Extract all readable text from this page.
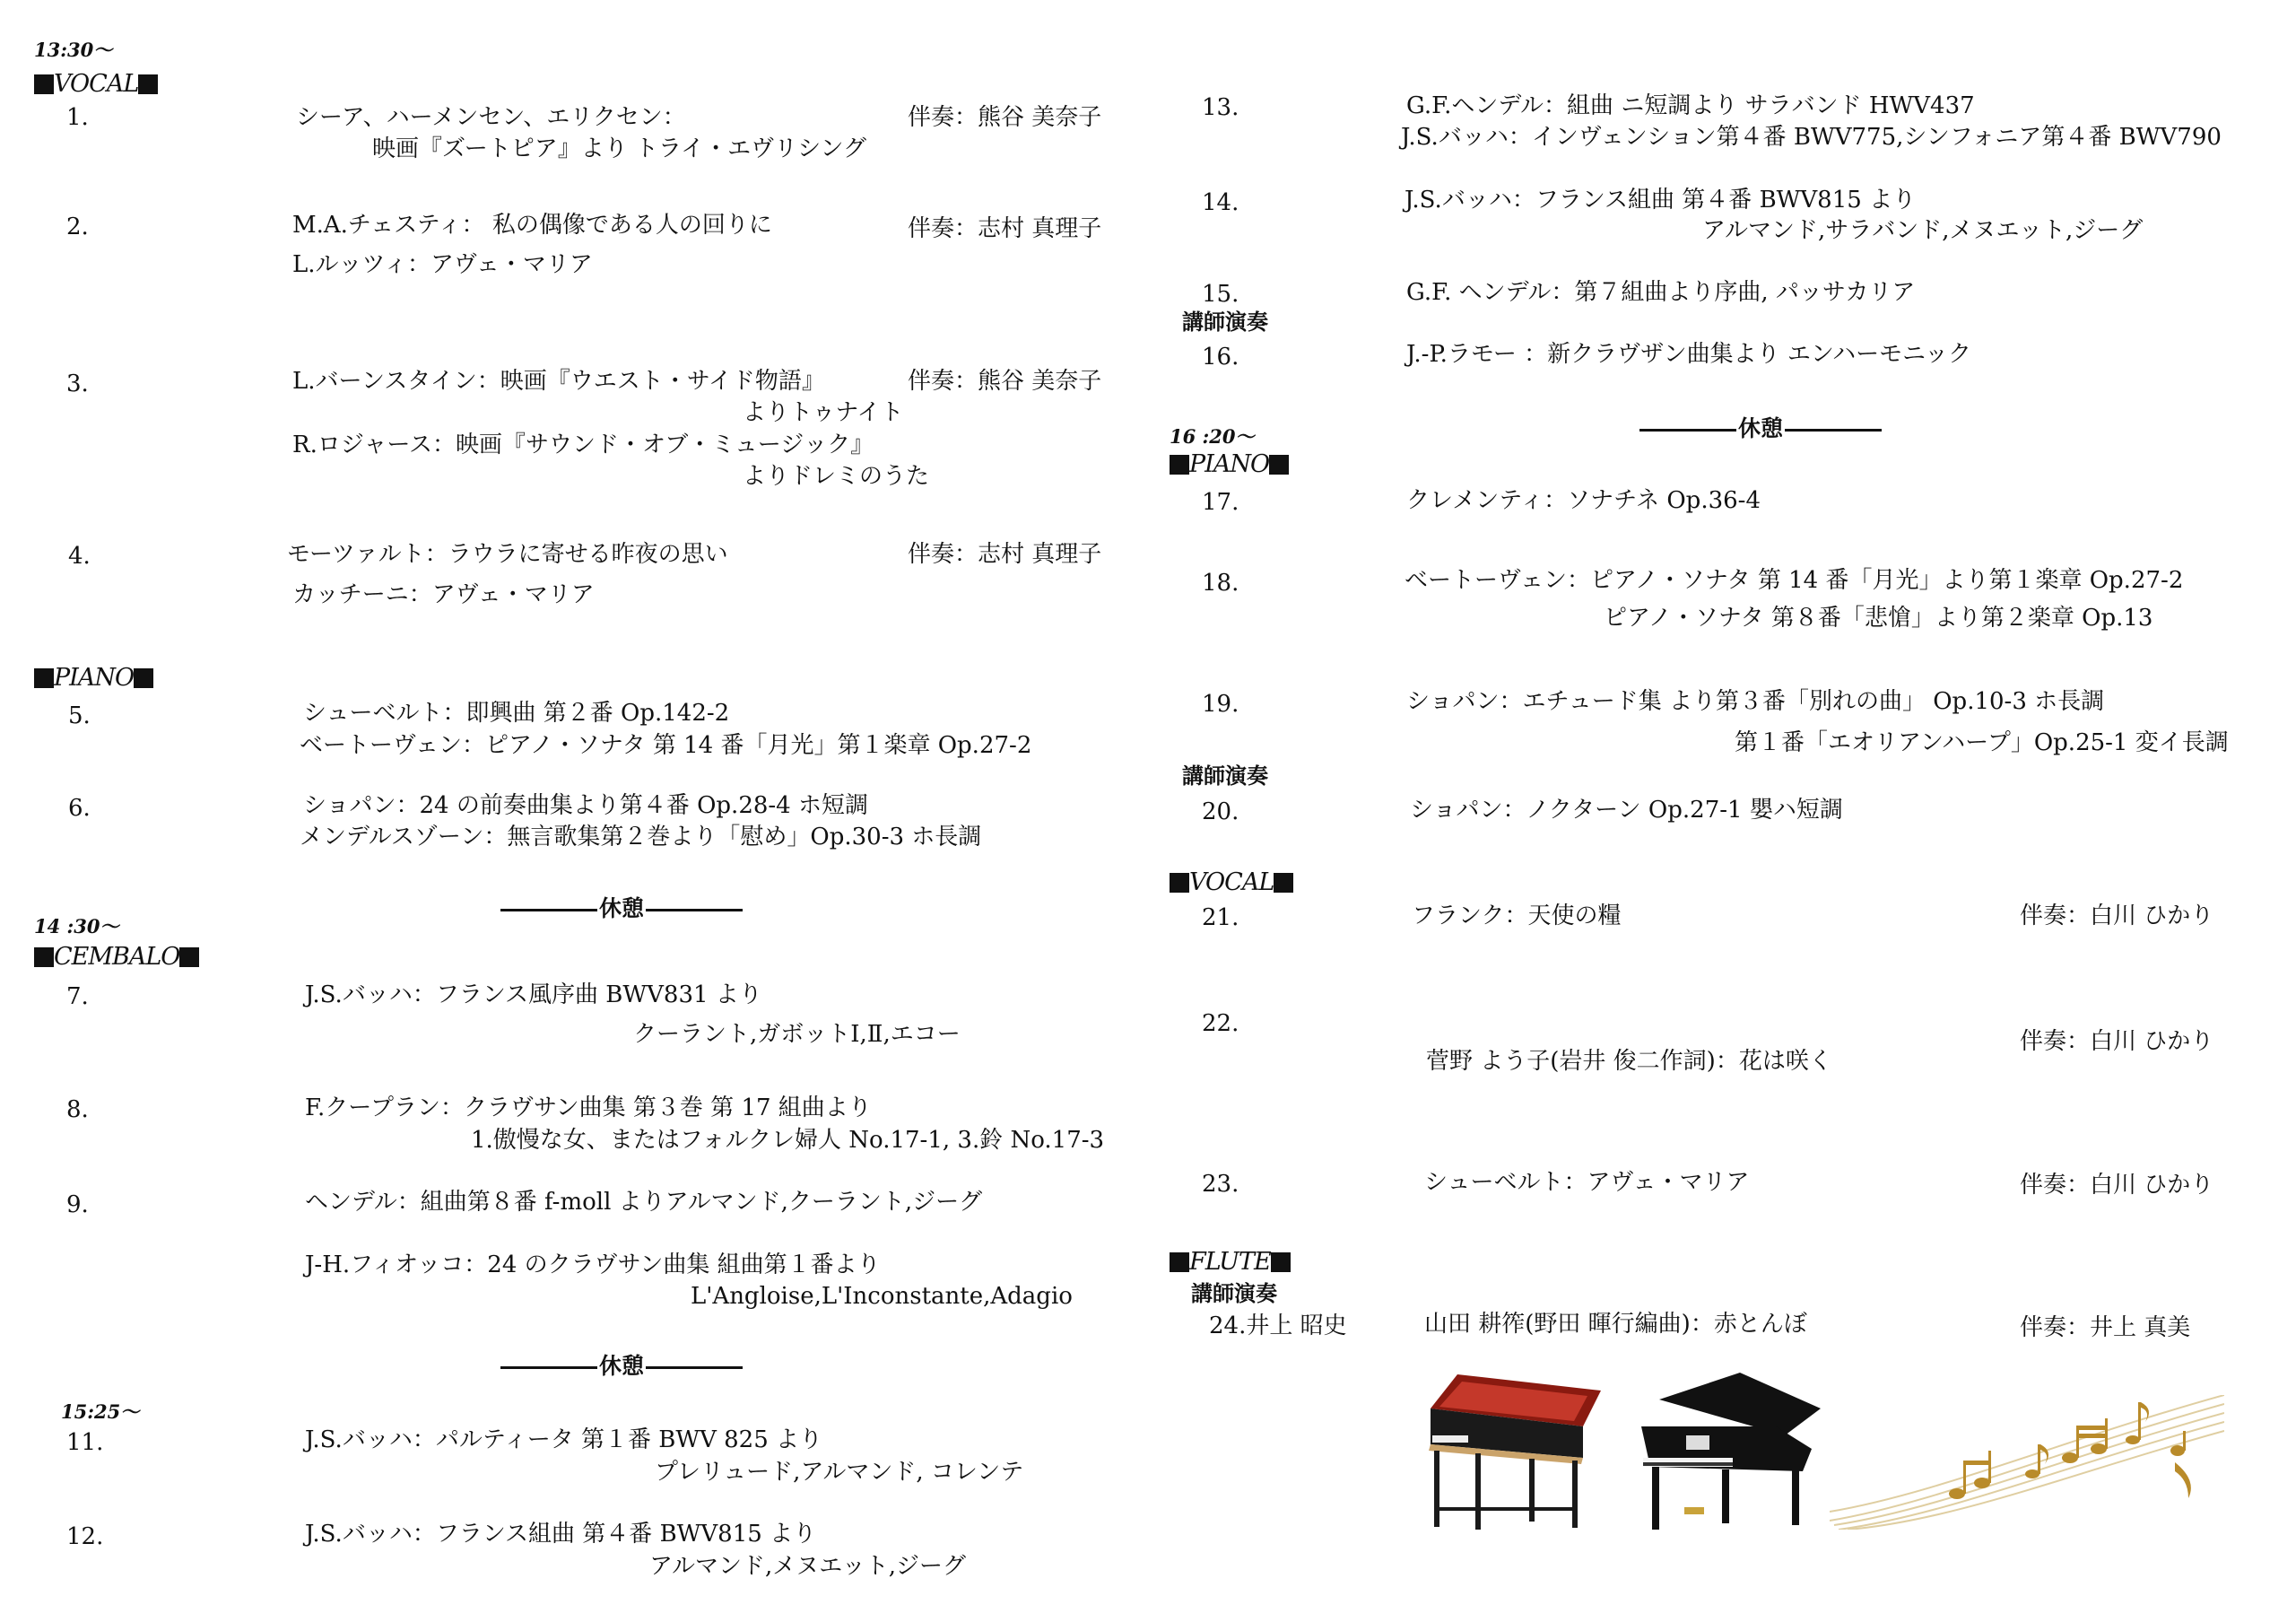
13:30〜
VOCAL
1.	シーア、ハーメンセン、エリクセン：
映画『ズートピア』より トライ・エヴリシング
伴奏：熊谷 美奈子
2.	M.A.チェスティ： 私の偶像である人の回りに
L.ルッツィ：アヴェ・マリア
伴奏：志村 真理子
3.	L.バーンスタイン：映画『ウエスト・サイド物語』
よりトゥナイト
R.ロジャース：映画『サウンド・オブ・ミュージック』
よりドレミのうた
伴奏：熊谷 美奈子
4.	モーツァルト：ラウラに寄せる昨夜の思い
カッチーニ：アヴェ・マリア
伴奏：志村 真理子
PIANO
5.	シューベルト：即興曲 第２番 Op.142-2
ベートーヴェン：ピアノ・ソナタ 第 14 番「月光」第１楽章 Op.27-2
6.	ショパン：24 の前奏曲集より第４番 Op.28-4 ホ短調
メンデルスゾーン：無言歌集第２巻より「慰め」Op.30-3 ホ長調
休憩
14 :30〜
CEMBALO
7.	J.S.バッハ：フランス風序曲 BWV831 より
クーラント,ガボットⅠ,Ⅱ,エコー
8.	F.クープラン：クラヴサン曲集 第３巻 第 17 組曲より
1.傲慢な女、またはフォルクレ婦人 No.17-1, 3.鈴 No.17-3
9.	ヘンデル：組曲第８番 f-moll よりアルマンド,クーラント,ジーグ
J-H.フィオッコ：24 のクラヴサン曲集 組曲第１番より
L'Angloise,L'Inconstante,Adagio
休憩
15:25〜
11.	J.S.バッハ：パルティータ 第１番 BWV 825 より
プレリュード,アルマンド, コレンテ
12.	J.S.バッハ：フランス組曲 第４番 BWV815 より
アルマンド,メヌエット,ジーグ
13.	G.F.ヘンデル：組曲 ニ短調より サラバンド HWV437
J.S.バッハ：インヴェンション第４番 BWV775,シンフォニア第４番 BWV790
14.	J.S.バッハ：フランス組曲 第４番 BWV815 より
アルマンド,サラバンド,メヌエット,ジーグ
15.	G.F. ヘンデル：第７組曲より序曲, パッサカリア
講師演奏
16.	J.-P.ラモー ：新クラヴザン曲集より エンハーモニック
休憩
16 :20〜
PIANO
17.	クレメンティ：ソナチネ Op.36-4
18.	ベートーヴェン：ピアノ・ソナタ 第 14 番「月光」より第１楽章 Op.27-2
ピアノ・ソナタ 第８番「悲愴」より第２楽章 Op.13
19.	ショパン：エチュード集 より第３番「別れの曲」 Op.10-3 ホ長調
第１番「エオリアンハープ」Op.25-1 変イ長調
講師演奏
20.	ショパン：ノクターン Op.27-1 嬰ハ短調
VOCAL
21.	フランク：天使の糧	伴奏：白川 ひかり
22.
菅野 よう子(岩井 俊二作詞)：花は咲く
伴奏：白川 ひかり
23.	シューベルト：アヴェ・マリア	伴奏：白川 ひかり
FLUTE
講師演奏
24.井上 昭史	山田 耕筰(野田 暉行編曲)：赤とんぼ	伴奏：井上 真美
